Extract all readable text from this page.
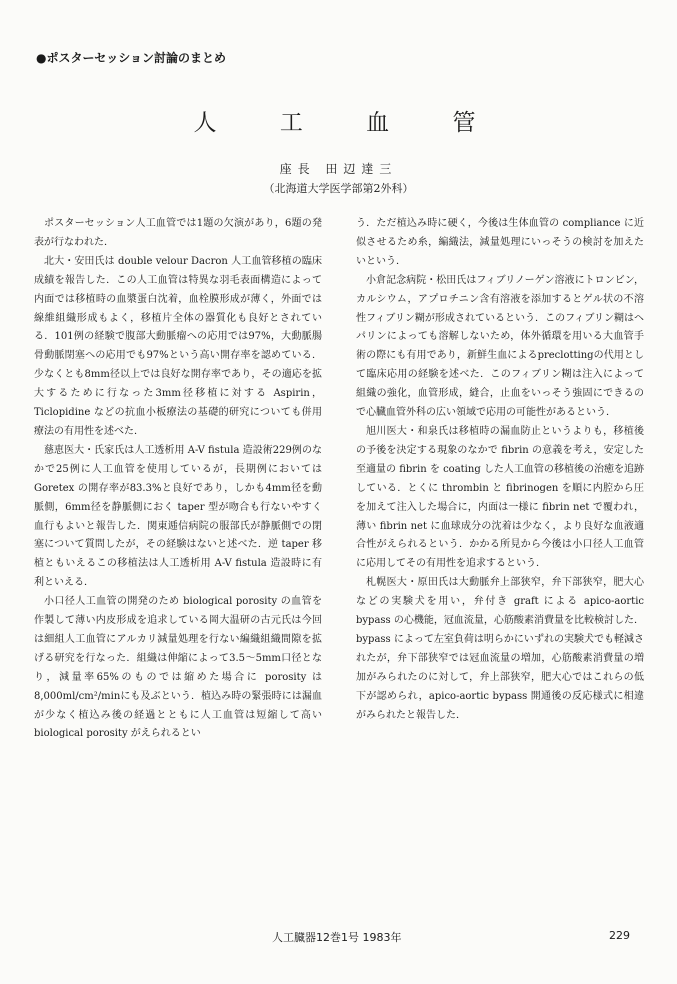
●ポスターセッション討論のまとめ
人 工 血 管
座長 田辺達三
（北海道大学医学部第2外科）

ポスターセッション人工血管では1題の欠演があり，6題の発表が行なわれた．

北大・安田氏は double velour Dacron 人工血管移植の臨床成績を報告した．この人工血管は特異な羽毛表面構造によって内面では移植時の血漿蛋白沈着，血栓膜形成が薄く，外面では線維組織形成もよく，移植片全体の器質化も良好とされている．101例の経験で腹部大動脈瘤への応用では97%，大動脈腸骨動脈閉塞への応用でも97%という高い開存率を認めている．少なくとも8mm径以上では良好な開存率であり，その適応を拡大するために行なった3mm径移植に対する Aspirin，Ticlopidine などの抗血小板療法の基礎的研究についても併用療法の有用性を述べた．

慈恵医大・氏家氏は人工透析用 A-V fistula 造設術229例のなかで25例に人工血管を使用しているが，長期例においては Goretex の開存率が83.3%と良好であり，しかも4mm径を動脈側，6mm径を静脈側におく taper 型が吻合も行ないやすく血行もよいと報告した．関東逓信病院の服部氏が静脈側での閉塞について質問したが，その経験はないと述べた．逆 taper 移植ともいえるこの移植法は人工透析用 A-V fistula 造設時に有利といえる．

小口径人工血管の開発のため biological porosity の血管を作製して薄い内皮形成を追求している岡大温研の古元氏は今回は細組人工血管にアルカリ減量処理を行ない編織組織間隙を拡げる研究を行なった．組織は伸縮によって3.5〜5mm口径となり，減量率65%のものでは縮めた場合に porosity は8,000ml/cm²/minにも及ぶという．植込み時の緊張時には漏血が少なく植込み後の経過とともに人工血管は短縮して高い biological porosity がえられるとい

う．ただ植込み時に硬く，今後は生体血管の compliance に近似させるため糸，編織法，減量処理にいっそうの検討を加えたいという．

小倉記念病院・松田氏はフィブリノーゲン溶液にトロンビン，カルシウム，アプロチニン含有溶液を添加するとゲル状の不溶性フィブリン糊が形成されているという．このフィブリン糊はヘパリンによっても溶解しないため，体外循環を用いる大血管手術の際にも有用であり，新鮮生血によるpreclottingの代用として臨床応用の経験を述べた．このフィブリン糊は注入によって組織の強化，血管形成，縫合，止血をいっそう強固にできるので心臓血管外科の広い領域で応用の可能性があるという．

旭川医大・和泉氏は移植時の漏血防止というよりも，移植後の予後を決定する現象のなかで fibrin の意義を考え，安定した至適量の fibrin を coating した人工血管の移植後の治癒を追跡している．とくに thrombin と fibrinogen を順に内腔から圧を加えて注入した場合に，内面は一様に fibrin net で覆われ，薄い fibrin net に血球成分の沈着は少なく，より良好な血液適合性がえられるという．かかる所見から今後は小口径人工血管に応用してその有用性を追求するという．

札幌医大・原田氏は大動脈弁上部狭窄，弁下部狭窄，肥大心などの実験犬を用い，弁付き graft による apico-aortic bypass の心機能，冠血流量，心筋酸素消費量を比較検討した．bypass によって左室負荷は明らかにいずれの実験犬でも軽減されたが，弁下部狭窄では冠血流量の増加，心筋酸素消費量の増加がみられたのに対して，弁上部狭窄，肥大心ではこれらの低下が認められ，apico-aortic bypass 開通後の反応様式に相違がみられたと報告した．

人工臓器12巻1号 1983年	229
